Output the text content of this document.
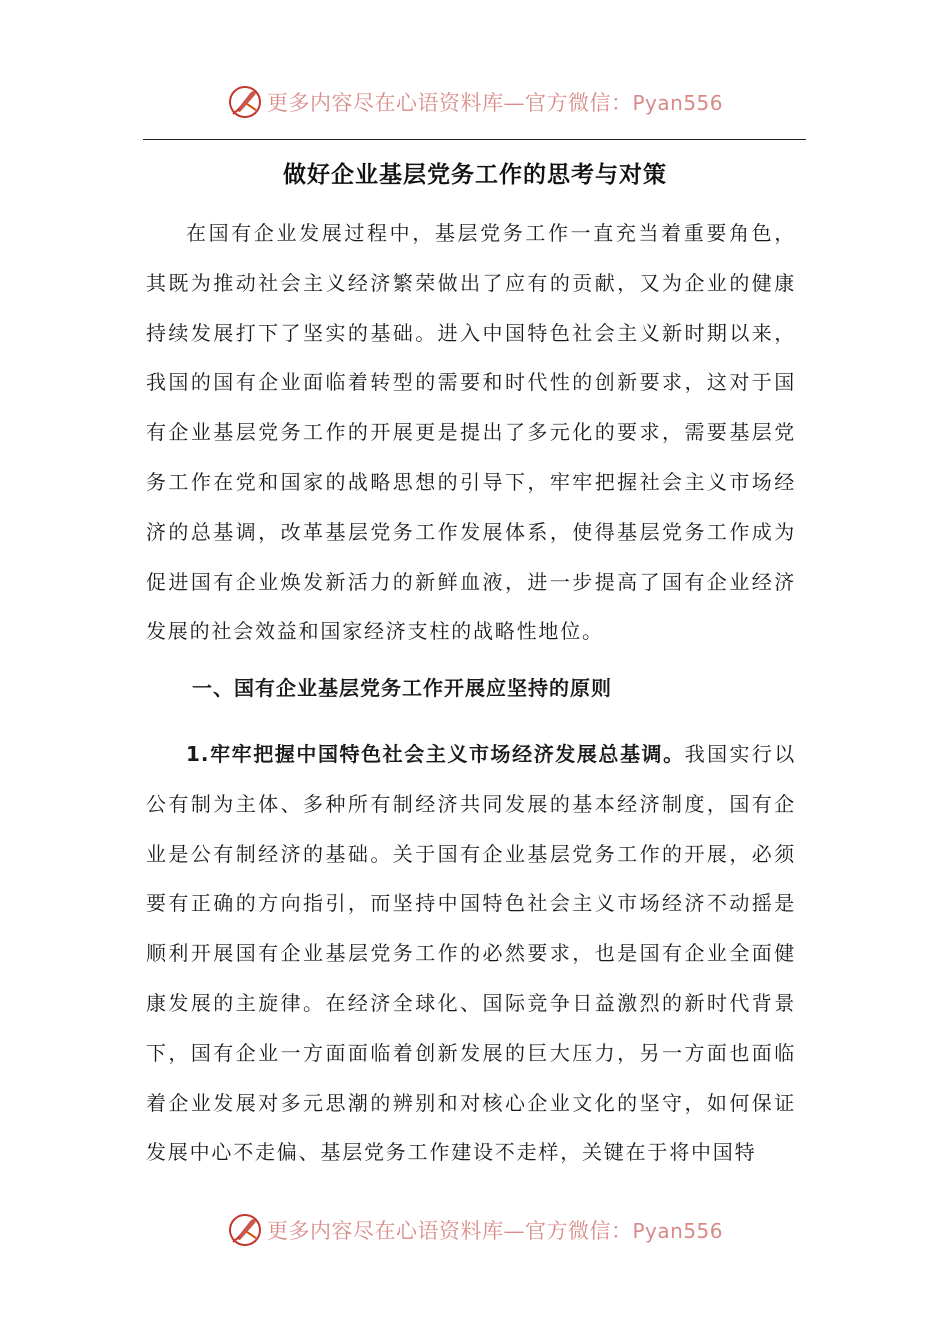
更多内容尽在心语资料库—官方微信：Pyan556
做好企业基层党务工作的思考与对策

在国有企业发展过程中，基层党务工作一直充当着重要角色，其既为推动社会主义经济繁荣做出了应有的贡献，又为企业的健康持续发展打下了坚实的基础。进入中国特色社会主义新时期以来，我国的国有企业面临着转型的需要和时代性的创新要求，这对于国有企业基层党务工作的开展更是提出了多元化的要求，需要基层党务工作在党和国家的战略思想的引导下，牢牢把握社会主义市场经济的总基调，改革基层党务工作发展体系，使得基层党务工作成为促进国有企业焕发新活力的新鲜血液，进一步提高了国有企业经济发展的社会效益和国家经济支柱的战略性地位。

一、国有企业基层党务工作开展应坚持的原则

1.牢牢把握中国特色社会主义市场经济发展总基调。我国实行以公有制为主体、多种所有制经济共同发展的基本经济制度，国有企业是公有制经济的基础。关于国有企业基层党务工作的开展，必须要有正确的方向指引，而坚持中国特色社会主义市场经济不动摇是顺利开展国有企业基层党务工作的必然要求，也是国有企业全面健康发展的主旋律。在经济全球化、国际竞争日益激烈的新时代背景下，国有企业一方面面临着创新发展的巨大压力，另一方面也面临着企业发展对多元思潮的辨别和对核心企业文化的坚守，如何保证发展中心不走偏、基层党务工作建设不走样，关键在于将中国特

更多内容尽在心语资料库—官方微信：Pyan556
